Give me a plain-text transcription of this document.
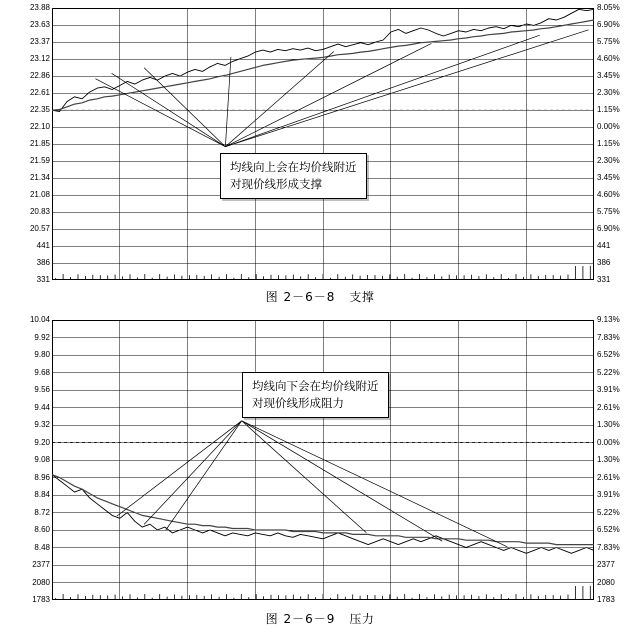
23.88
23.63
23.37
23.12
22.86
22.61
22.35
22.10
21.85
21.59
21.34
21.08
20.83
20.57
441
386
331
8.05%
6.90%
5.75%
4.60%
3.45%
2.30%
1.15%
0.00%
1.15%
2.30%
3.45%
4.60%
5.75%
6.90%
441
386
331
均线向上会在均价线附近
对现价线形成支撑
图 2－6－8 支撑
10.04
9.92
9.80
9.68
9.56
9.44
9.32
9.20
9.08
8.96
8.84
8.72
8.60
8.48
2377
2080
1783
9.13%
7.83%
6.52%
5.22%
3.91%
2.61%
1.30%
0.00%
1.30%
2.61%
3.91%
5.22%
6.52%
7.83%
2377
2080
1783
均线向下会在均价线附近
对现价线形成阻力
图 2－6－9 压力
